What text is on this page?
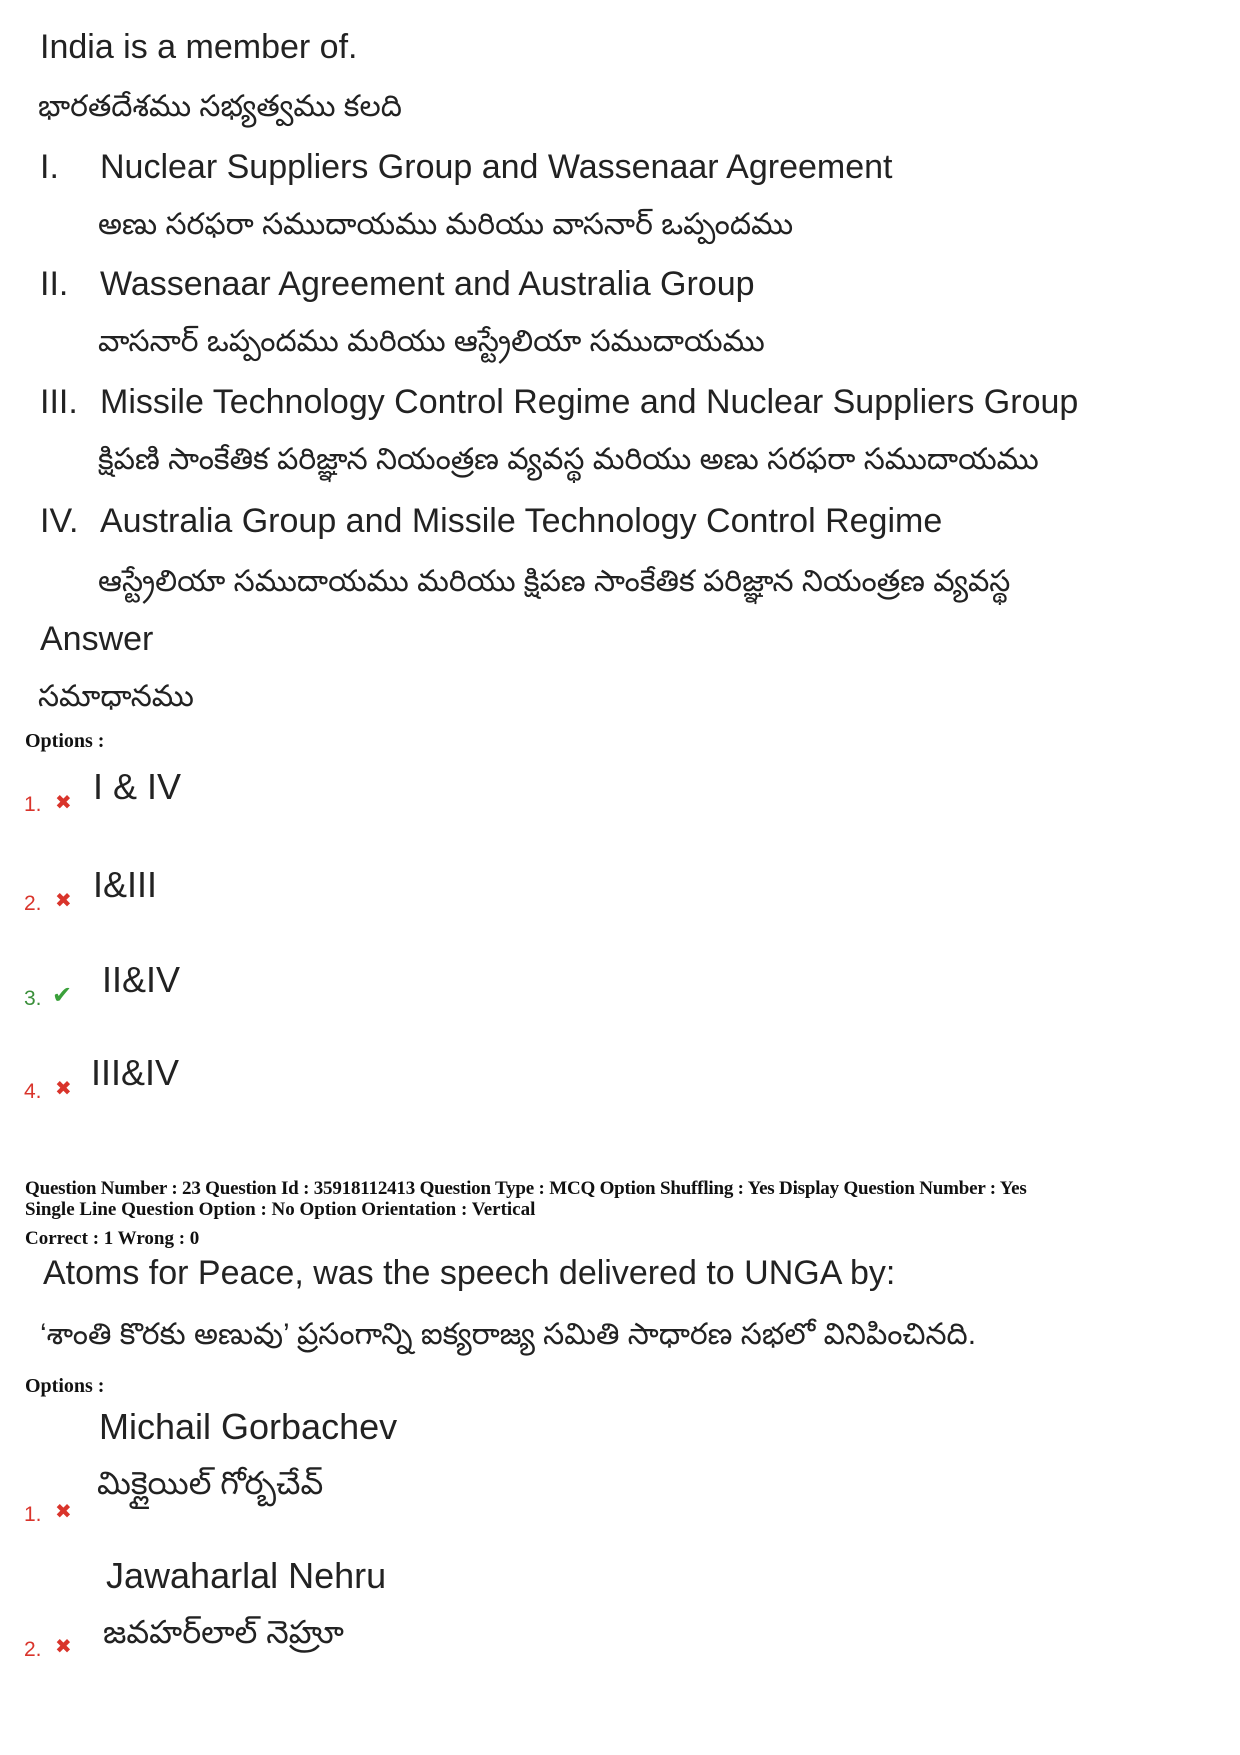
India is a member of.
భారతదేశము సభ్యత్వము కలది
I. Nuclear Suppliers Group and Wassenaar Agreement
అణు సరఫరా సముదాయము మరియు వాసనార్ ఒప్పందము
II. Wassenaar Agreement and Australia Group
వాసనార్ ఒప్పందము మరియు ఆస్ట్రేలియా సముదాయము
III. Missile Technology Control Regime and Nuclear Suppliers Group
క్షిపణి సాంకేతిక పరిజ్ఞాన నియంత్రణ వ్యవస్థ మరియు అణు సరఫరా సముదాయము
IV. Australia Group and Missile Technology Control Regime
ఆస్ట్రేలియా సముదాయము మరియు క్షిపణ సాంకేతిక పరిజ్ఞాన నియంత్రణ వ్యవస్థ
Answer
సమాధానము
Options :
1. ✖ I & IV
2. ✖ I&III
3. ✔ II&IV
4. ✖ III&IV
Question Number : 23 Question Id : 35918112413 Question Type : MCQ Option Shuffling : Yes Display Question Number : Yes
Single Line Question Option : No Option Orientation : Vertical
Correct : 1 Wrong : 0
Atoms for Peace, was the speech delivered to UNGA by:
‘శాంతి కొరకు అణువు’ ప్రసంగాన్ని ఐక్యరాజ్య సమితి సాధారణ సభలో వినిపించినది.
Options :
Michail Gorbachev
మిక్లైయిల్ గోర్బచేవ్
1. ✖
Jawaharlal Nehru
జవహర్‌లాల్ నెహ్రూ
2. ✖
